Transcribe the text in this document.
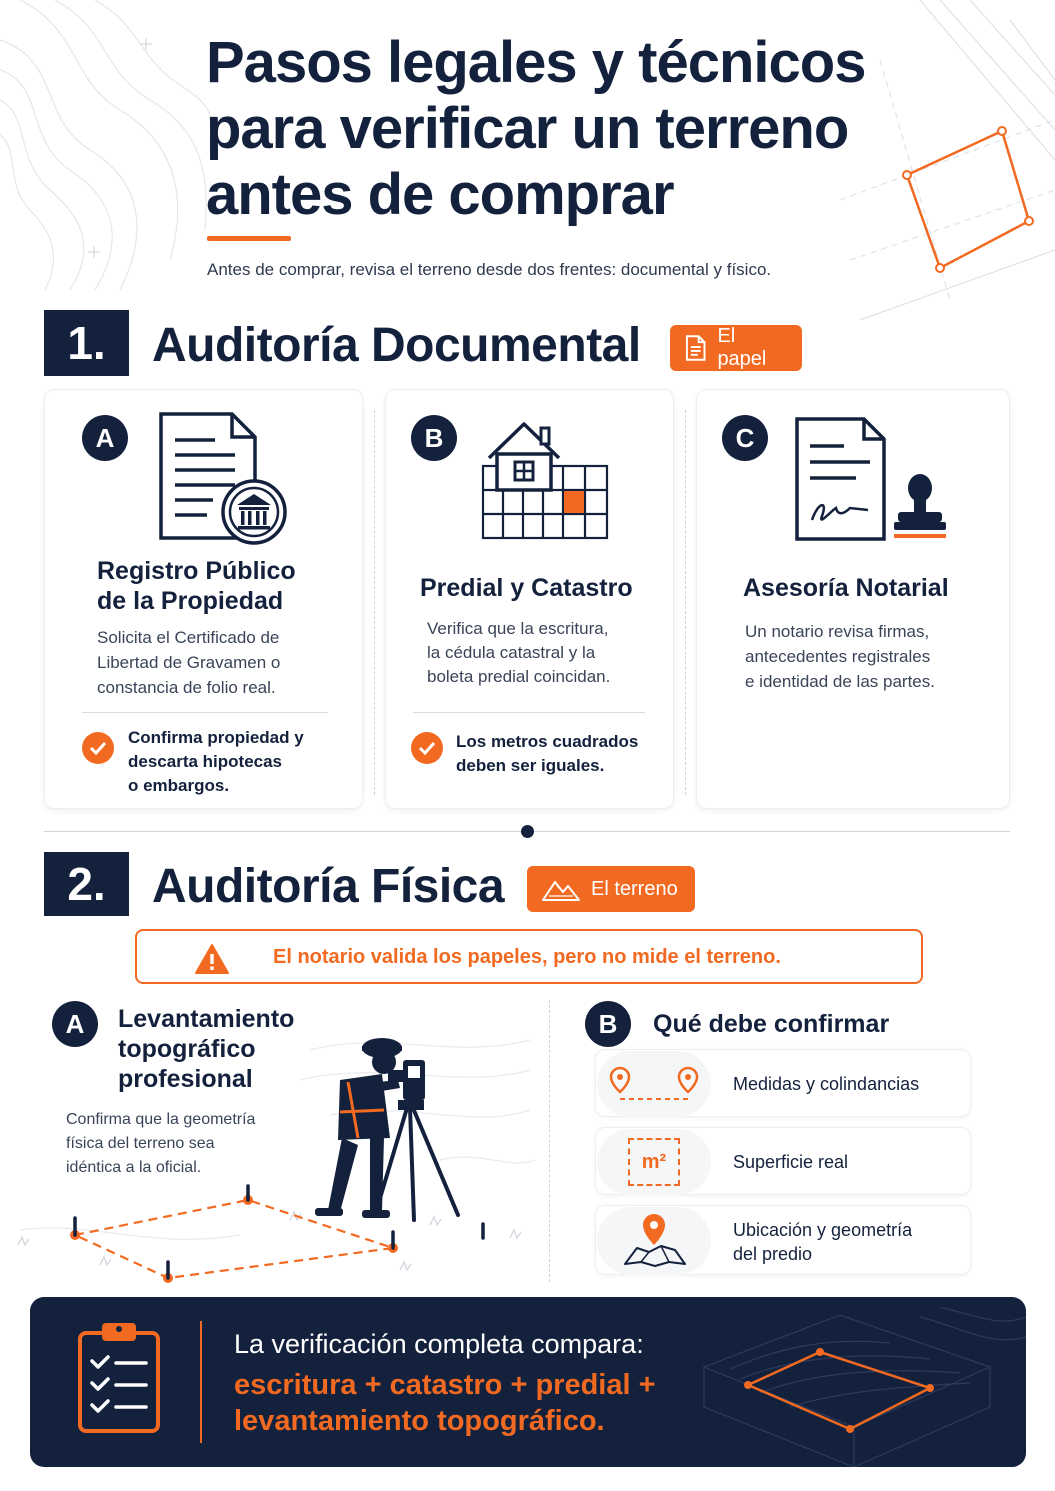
Pasos legales y técnicos
para verificar un terreno
antes de comprar

Antes de comprar, revisa el terreno desde dos frentes: documental y físico.

1. Auditoría Documental	El papel
A
Registro Público
de la Propiedad
Solicita el Certificado de
Libertad de Gravamen o
constancia de folio real.
Confirma propiedad y
descarta hipotecas
o embargos.
B
Predial y Catastro
Verifica que la escritura,
la cédula catastral y la
boleta predial coincidan.
Los metros cuadrados
deben ser iguales.
C
Asesoría Notarial
Un notario revisa firmas,
antecedentes registrales
e identidad de las partes.
2. Auditoría Física	El terreno
El notario valida los papeles, pero no mide el terreno.
A	Levantamiento
topográfico
profesional
Confirma que la geometría
física del terreno sea
idéntica a la oficial.
B	Qué debe confirmar
Medidas y colindancias
m²	Superficie real
Ubicación y geometría
del predio
La verificación completa compara:
escritura + catastro + predial +
levantamiento topográfico.
